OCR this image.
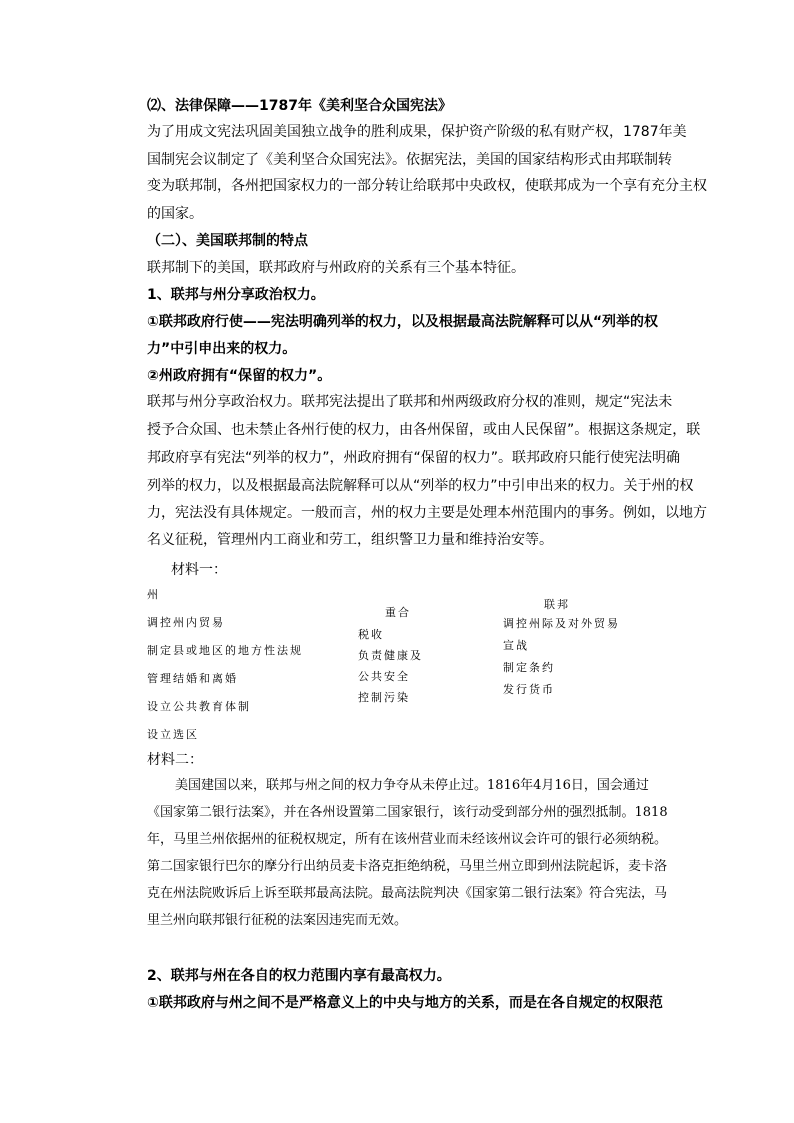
⑵、法律保障——1787年《美利坚合众国宪法》
为了用成文宪法巩固美国独立战争的胜利成果，保护资产阶级的私有财产权，1787年美
国制宪会议制定了《美利坚合众国宪法》。依据宪法，美国的国家结构形式由邦联制转
变为联邦制，各州把国家权力的一部分转让给联邦中央政权，使联邦成为一个享有充分主权
的国家。
（二）、美国联邦制的特点
联邦制下的美国，联邦政府与州政府的关系有三个基本特征。
1、联邦与州分享政治权力。
①联邦政府行使——宪法明确列举的权力，以及根据最高法院解释可以从“列举的权
力”中引申出来的权力。
②州政府拥有“保留的权力”。
联邦与州分享政治权力。联邦宪法提出了联邦和州两级政府分权的准则，规定“宪法未
授予合众国、也未禁止各州行使的权力，由各州保留，或由人民保留”。根据这条规定，联
邦政府享有宪法“列举的权力”，州政府拥有“保留的权力”。联邦政府只能行使宪法明确
列举的权力，以及根据最高法院解释可以从“列举的权力”中引申出来的权力。关于州的权
力，宪法没有具体规定。一般而言，州的权力主要是处理本州范围内的事务。例如，以地方
名义征税，管理州内工商业和劳工，组织警卫力量和维持治安等。
材料一：
州
调控州内贸易
制定县或地区的地方性法规
管理结婚和离婚
设立公共教育体制
设立选区
重合
税收
负责健康及
公共安全
控制污染
联邦
调控州际及对外贸易
宣战
制定条约
发行货币
材料二：
美国建国以来，联邦与州之间的权力争夺从未停止过。1816年4月16日，国会通过
《国家第二银行法案》，并在各州设置第二国家银行，该行动受到部分州的强烈抵制。1818
年，马里兰州依据州的征税权规定，所有在该州营业而未经该州议会许可的银行必须纳税。
第二国家银行巴尔的摩分行出纳员麦卡洛克拒绝纳税，马里兰州立即到州法院起诉，麦卡洛
克在州法院败诉后上诉至联邦最高法院。最高法院判决《国家第二银行法案》符合宪法，马
里兰州向联邦银行征税的法案因违宪而无效。
2、联邦与州在各自的权力范围内享有最高权力。
①联邦政府与州之间不是严格意义上的中央与地方的关系，而是在各自规定的权限范
